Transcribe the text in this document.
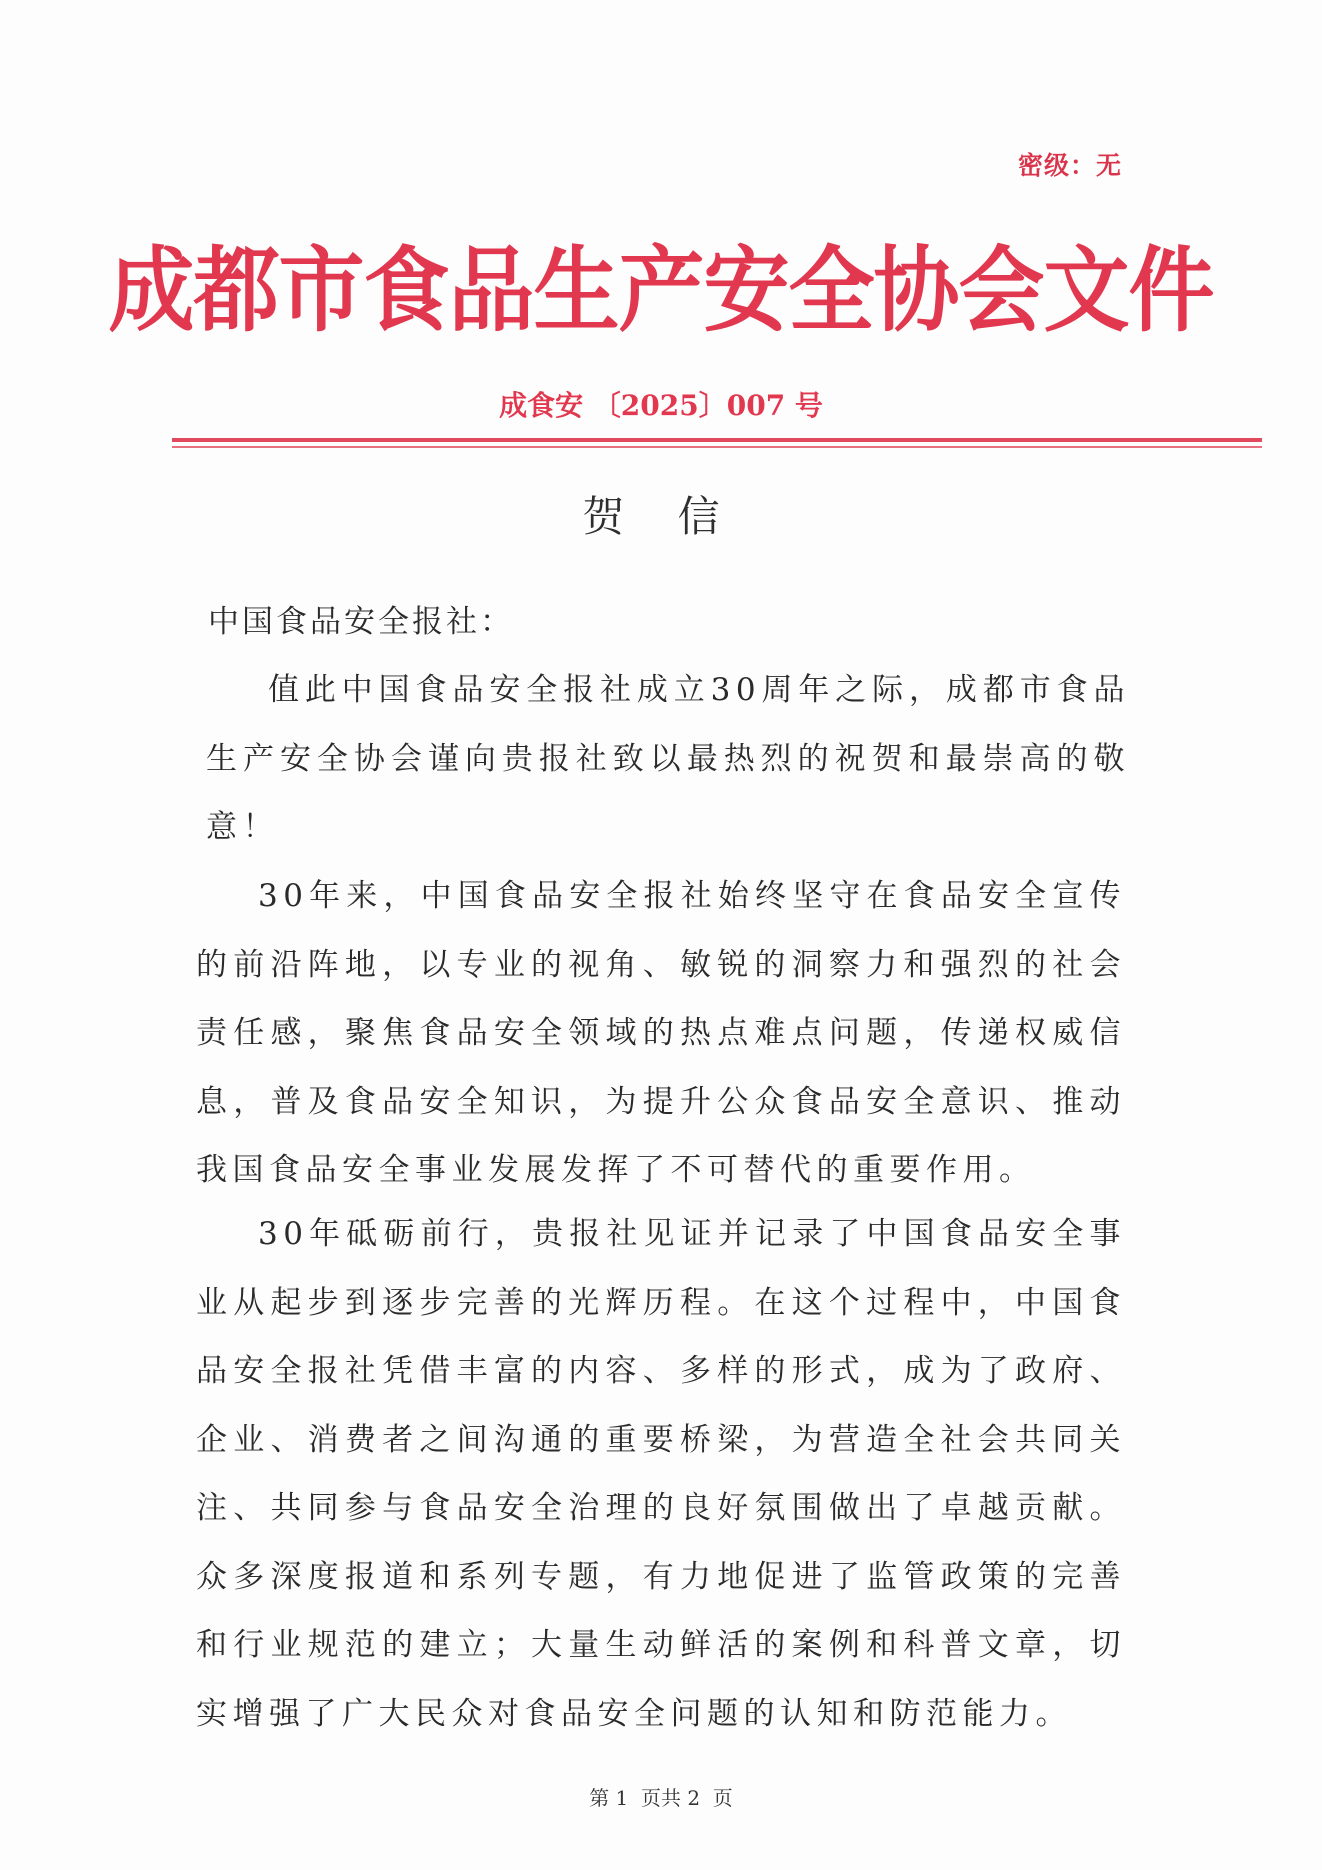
密级：无
成都市食品生产安全协会文件
成食安 〔2025〕007 号
贺 信
中国食品安全报社：
值此中国食品安全报社成立30周年之际，成都市食品生产安全协会谨向贵报社致以最热烈的祝贺和最崇高的敬意！
30年来，中国食品安全报社始终坚守在食品安全宣传的前沿阵地，以专业的视角、敏锐的洞察力和强烈的社会责任感，聚焦食品安全领域的热点难点问题，传递权威信息，普及食品安全知识，为提升公众食品安全意识、推动我国食品安全事业发展发挥了不可替代的重要作用。
30年砥砺前行，贵报社见证并记录了中国食品安全事业从起步到逐步完善的光辉历程。在这个过程中，中国食品安全报社凭借丰富的内容、多样的形式，成为了政府、企业、消费者之间沟通的重要桥梁，为营造全社会共同关注、共同参与食品安全治理的良好氛围做出了卓越贡献。众多深度报道和系列专题，有力地促进了监管政策的完善和行业规范的建立；大量生动鲜活的案例和科普文章，切实增强了广大民众对食品安全问题的认知和防范能力。
第 1  页共 2  页
